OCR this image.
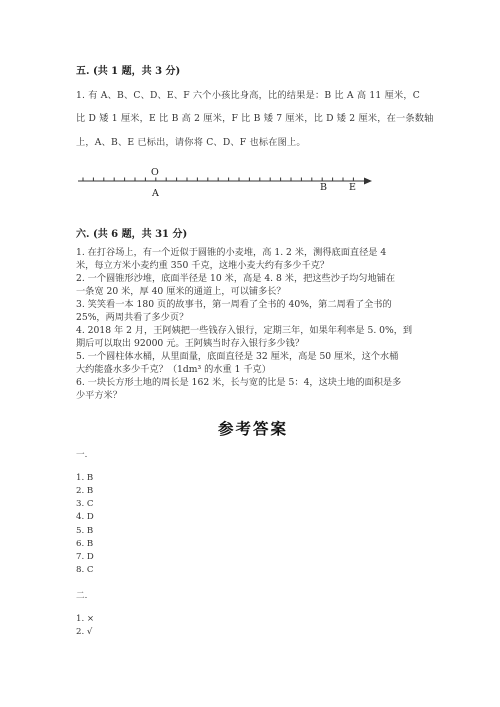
五. (共 1 题，共 3 分)
1. 有 A、B、C、D、E、F 六个小孩比身高，比的结果是：B 比 A 高 11 厘米，C
比 D 矮 1 厘米，E 比 B 高 2 厘米，F 比 B 矮 7 厘米，比 D 矮 2 厘米，在一条数轴
上，A、B、E 已标出，请你将 C、D、F 也标在图上。
O
A
B E
六. (共 6 题，共 31 分)
1. 在打谷场上，有一个近似于圆锥的小麦堆，高 1. 2 米，测得底面直径是 4
米，每立方米小麦约重 350 千克，这堆小麦大约有多少千克？
2. 一个圆锥形沙堆，底面半径是 10 米，高是 4. 8 米，把这些沙子均匀地铺在
一条宽 20 米，厚 40 厘米的通道上，可以铺多长？
3. 笑笑看一本 180 页的故事书，第一周看了全书的 40%，第二周看了全书的
25%，两周共看了多少页？
4. 2018 年 2 月，王阿姨把一些钱存入银行，定期三年，如果年利率是 5. 0%，到
期后可以取出 92000 元。王阿姨当时存入银行多少钱？
5. 一个圆柱体水桶，从里面量，底面直径是 32 厘米，高是 50 厘米，这个水桶
大约能盛水多少千克？（1dm³ 的水重 1 千克）
6. 一块长方形土地的周长是 162 米，长与宽的比是 5：4，这块土地的面积是多
少平方米？
参考答案
一.
1. B
2. B
3. C
4. D
5. B
6. B
7. D
8. C
二.
1. ×
2. √
